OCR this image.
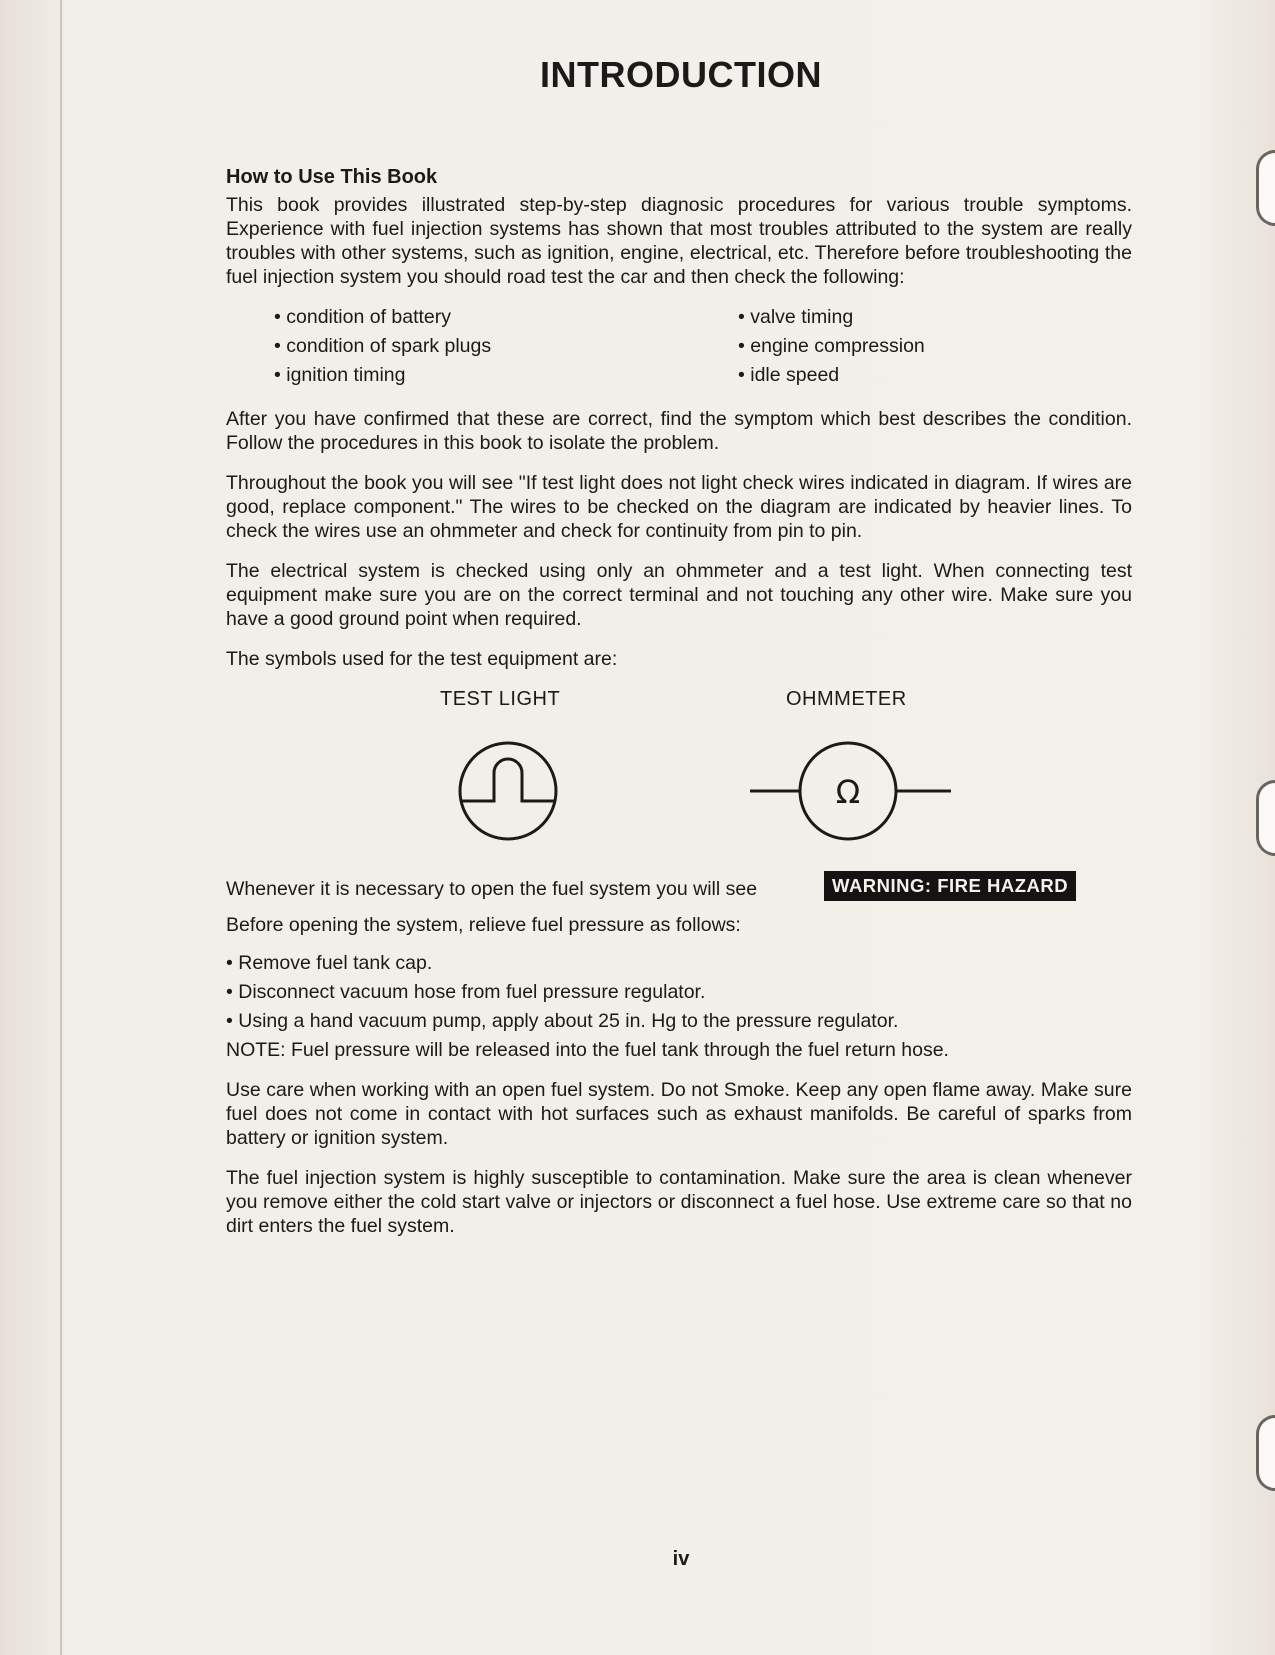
INTRODUCTION
How to Use This Book

This book provides illustrated step-by-step diagnosic procedures for various trouble symptoms. Experience with fuel injection systems has shown that most troubles attributed to the system are really troubles with other systems, such as ignition, engine, electrical, etc. Therefore before troubleshooting the fuel injection system you should road test the car and then check the following:

• condition of battery
• condition of spark plugs
• ignition timing
• valve timing
• engine compression
• idle speed

After you have confirmed that these are correct, find the symptom which best describes the condition. Follow the procedures in this book to isolate the problem.

Throughout the book you will see "If test light does not light check wires indicated in diagram. If wires are good, replace component." The wires to be checked on the diagram are indicated by heavier lines. To check the wires use an ohmmeter and check for continuity from pin to pin.

The electrical system is checked using only an ohmmeter and a test light. When connecting test equipment make sure you are on the correct terminal and not touching any other wire. Make sure you have a good ground point when required.

The symbols used for the test equipment are:

TEST LIGHT	OHMMETER
Ω
Whenever it is necessary to open the fuel system you will see	WARNING: FIRE HAZARD

Before opening the system, relieve fuel pressure as follows:

• Remove fuel tank cap.
• Disconnect vacuum hose from fuel pressure regulator.
• Using a hand vacuum pump, apply about 25 in. Hg to the pressure regulator.
NOTE: Fuel pressure will be released into the fuel tank through the fuel return hose.

Use care when working with an open fuel system. Do not Smoke. Keep any open flame away. Make sure fuel does not come in contact with hot surfaces such as exhaust manifolds. Be careful of sparks from battery or ignition system.

The fuel injection system is highly susceptible to contamination. Make sure the area is clean whenever you remove either the cold start valve or injectors or disconnect a fuel hose. Use extreme care so that no dirt enters the fuel system.

iv
